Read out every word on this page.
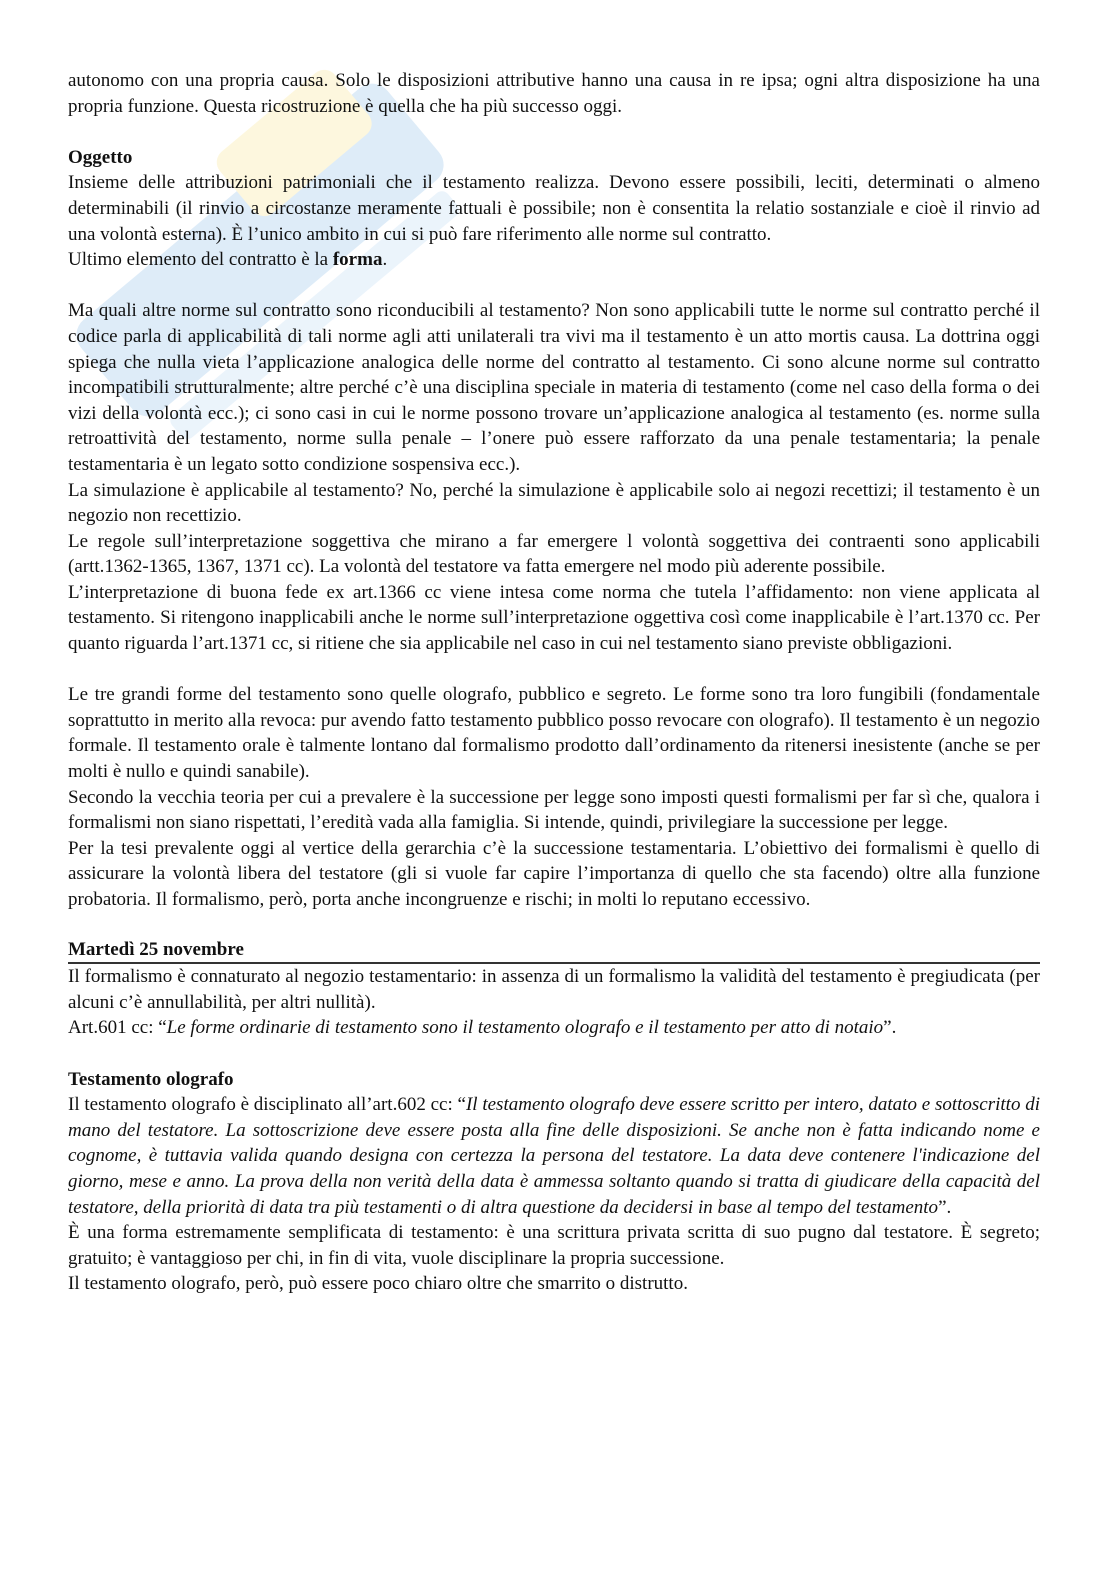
autonomo con una propria causa. Solo le disposizioni attributive hanno una causa in re ipsa; ogni altra disposizione ha una propria funzione. Questa ricostruzione è quella che ha più successo oggi.

Oggetto

Insieme delle attribuzioni patrimoniali che il testamento realizza. Devono essere possibili, leciti, determinati o almeno determinabili (il rinvio a circostanze meramente fattuali è possibile; non è consentita la relatio sostanziale e cioè il rinvio ad una volontà esterna). È l’unico ambito in cui si può fare riferimento alle norme sul contratto.

Ultimo elemento del contratto è la forma.

Ma quali altre norme sul contratto sono riconducibili al testamento? Non sono applicabili tutte le norme sul contratto perché il codice parla di applicabilità di tali norme agli atti unilaterali tra vivi ma il testamento è un atto mortis causa. La dottrina oggi spiega che nulla vieta l’applicazione analogica delle norme del contratto al testamento. Ci sono alcune norme sul contratto incompatibili strutturalmente; altre perché c’è una disciplina speciale in materia di testamento (come nel caso della forma o dei vizi della volontà ecc.); ci sono casi in cui le norme possono trovare un’applicazione analogica al testamento (es. norme sulla retroattività del testamento, norme sulla penale – l’onere può essere rafforzato da una penale testamentaria; la penale testamentaria è un legato sotto condizione sospensiva ecc.).

La simulazione è applicabile al testamento? No, perché la simulazione è applicabile solo ai negozi recettizi; il testamento è un negozio non recettizio.

Le regole sull’interpretazione soggettiva che mirano a far emergere l volontà soggettiva dei contraenti sono applicabili (artt.1362-1365, 1367, 1371 cc). La volontà del testatore va fatta emergere nel modo più aderente possibile.

L’interpretazione di buona fede ex art.1366 cc viene intesa come norma che tutela l’affidamento: non viene applicata al testamento. Si ritengono inapplicabili anche le norme sull’interpretazione oggettiva così come inapplicabile è l’art.1370 cc. Per quanto riguarda l’art.1371 cc, si ritiene che sia applicabile nel caso in cui nel testamento siano previste obbligazioni.

Le tre grandi forme del testamento sono quelle olografo, pubblico e segreto. Le forme sono tra loro fungibili (fondamentale soprattutto in merito alla revoca: pur avendo fatto testamento pubblico posso revocare con olografo). Il testamento è un negozio formale. Il testamento orale è talmente lontano dal formalismo prodotto dall’ordinamento da ritenersi inesistente (anche se per molti è nullo e quindi sanabile).

Secondo la vecchia teoria per cui a prevalere è la successione per legge sono imposti questi formalismi per far sì che, qualora i formalismi non siano rispettati, l’eredità vada alla famiglia. Si intende, quindi, privilegiare la successione per legge.

Per la tesi prevalente oggi al vertice della gerarchia c’è la successione testamentaria. L’obiettivo dei formalismi è quello di assicurare la volontà libera del testatore (gli si vuole far capire l’importanza di quello che sta facendo) oltre alla funzione probatoria. Il formalismo, però, porta anche incongruenze e rischi; in molti lo reputano eccessivo.

Martedì 25 novembre

Il formalismo è connaturato al negozio testamentario: in assenza di un formalismo la validità del testamento è pregiudicata (per alcuni c’è annullabilità, per altri nullità).

Art.601 cc: “Le forme ordinarie di testamento sono il testamento olografo e il testamento per atto di notaio”.

Testamento olografo

Il testamento olografo è disciplinato all’art.602 cc: “Il testamento olografo deve essere scritto per intero, datato e sottoscritto di mano del testatore. La sottoscrizione deve essere posta alla fine delle disposizioni. Se anche non è fatta indicando nome e cognome, è tuttavia valida quando designa con certezza la persona del testatore. La data deve contenere l'indicazione del giorno, mese e anno. La prova della non verità della data è ammessa soltanto quando si tratta di giudicare della capacità del testatore, della priorità di data tra più testamenti o di altra questione da decidersi in base al tempo del testamento”.

È una forma estremamente semplificata di testamento: è una scrittura privata scritta di suo pugno dal testatore. È segreto; gratuito; è vantaggioso per chi, in fin di vita, vuole disciplinare la propria successione.

Il testamento olografo, però, può essere poco chiaro oltre che smarrito o distrutto.
